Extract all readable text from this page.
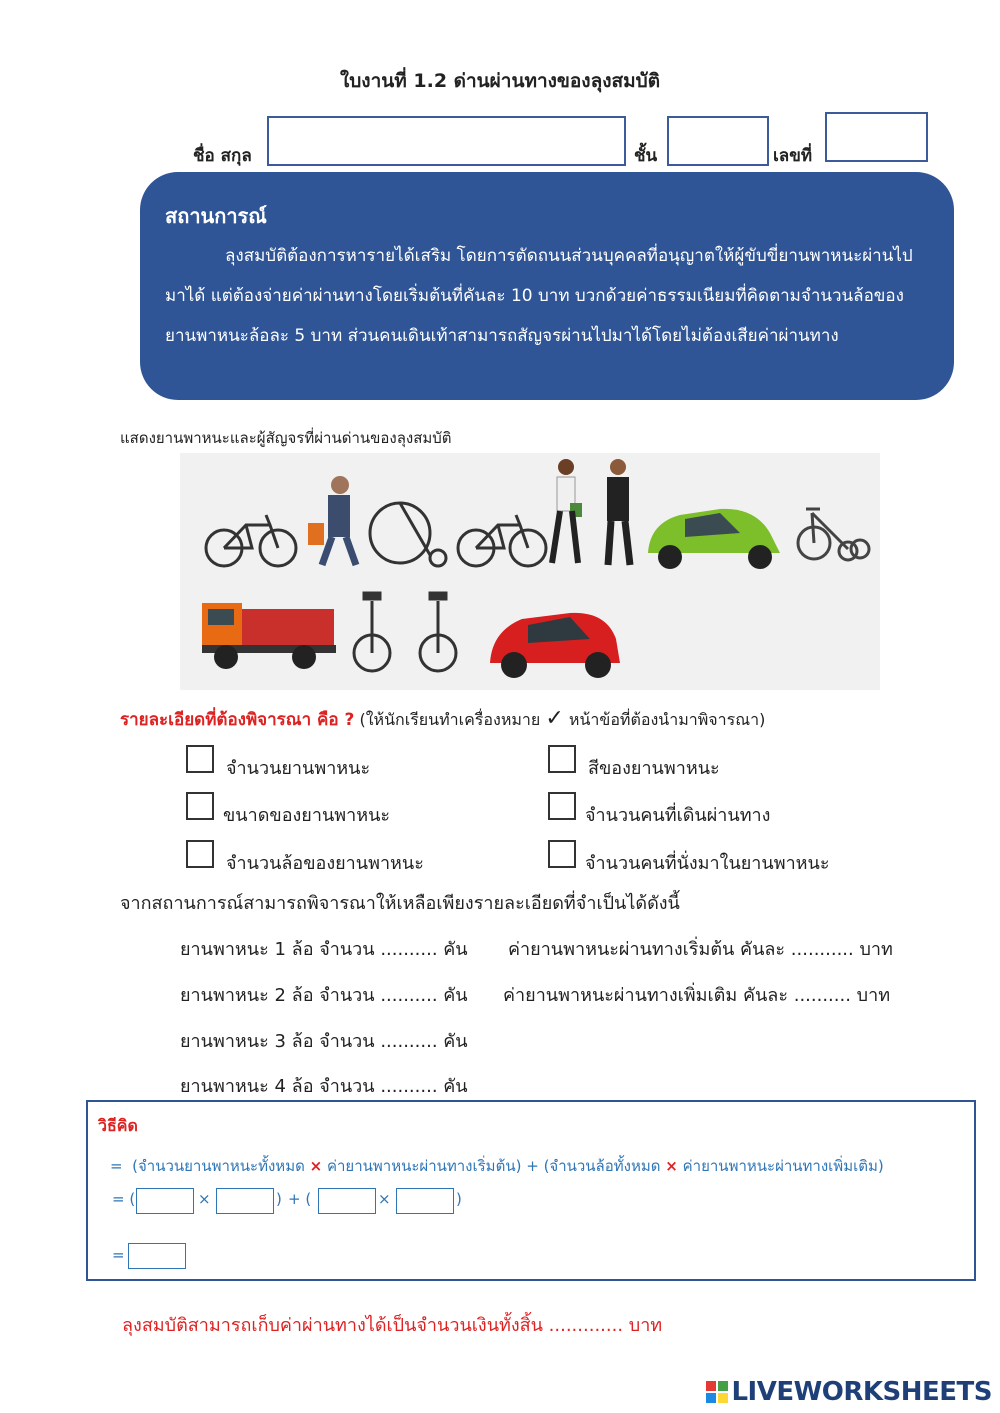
ใบงานที่ 1.2 ด่านผ่านทางของลุงสมบัติ
ชื่อ สกุล	ชั้น	เลขที่
สถานการณ์

ลุงสมบัติต้องการหารายได้เสริม โดยการตัดถนนส่วนบุคคลที่อนุญาตให้ผู้ขับขี่ยานพาหนะผ่านไปมาได้ แต่ต้องจ่ายค่าผ่านทางโดยเริ่มต้นที่คันละ 10 บาท บวกด้วยค่าธรรมเนียมที่คิดตามจำนวนล้อของยานพาหนะล้อละ 5 บาท ส่วนคนเดินเท้าสามารถสัญจรผ่านไปมาได้โดยไม่ต้องเสียค่าผ่านทาง

แสดงยานพาหนะและผู้สัญจรที่ผ่านด่านของลุงสมบัติ
รายละเอียดที่ต้องพิจารณา คือ ? (ให้นักเรียนทำเครื่องหมาย ✓ หน้าข้อที่ต้องนำมาพิจารณา)
จำนวนยานพาหนะ	สีของยานพาหนะ
ขนาดของยานพาหนะ	จำนวนคนที่เดินผ่านทาง
จำนวนล้อของยานพาหนะ	จำนวนคนที่นั่งมาในยานพาหนะ
จากสถานการณ์สามารถพิจารณาให้เหลือเพียงรายละเอียดที่จำเป็นได้ดังนี้
ยานพาหนะ 1 ล้อ จำนวน .......... คัน
ยานพาหนะ 2 ล้อ จำนวน .......... คัน
ยานพาหนะ 3 ล้อ จำนวน .......... คัน
ยานพาหนะ 4 ล้อ จำนวน .......... คัน
ค่ายานพาหนะผ่านทางเริ่มต้น คันละ ........... บาท
ค่ายานพาหนะผ่านทางเพิ่มเติม คันละ .......... บาท
วิธีคิด
= (จำนวนยานพาหนะทั้งหมด × ค่ายานพาหนะผ่านทางเริ่มต้น) + (จำนวนล้อทั้งหมด × ค่ายานพาหนะผ่านทางเพิ่มเติม)
= (	×	) + (	×	)
=
ลุงสมบัติสามารถเก็บค่าผ่านทางได้เป็นจำนวนเงินทั้งสิ้น ............. บาท
LIVEWORKSHEETS
